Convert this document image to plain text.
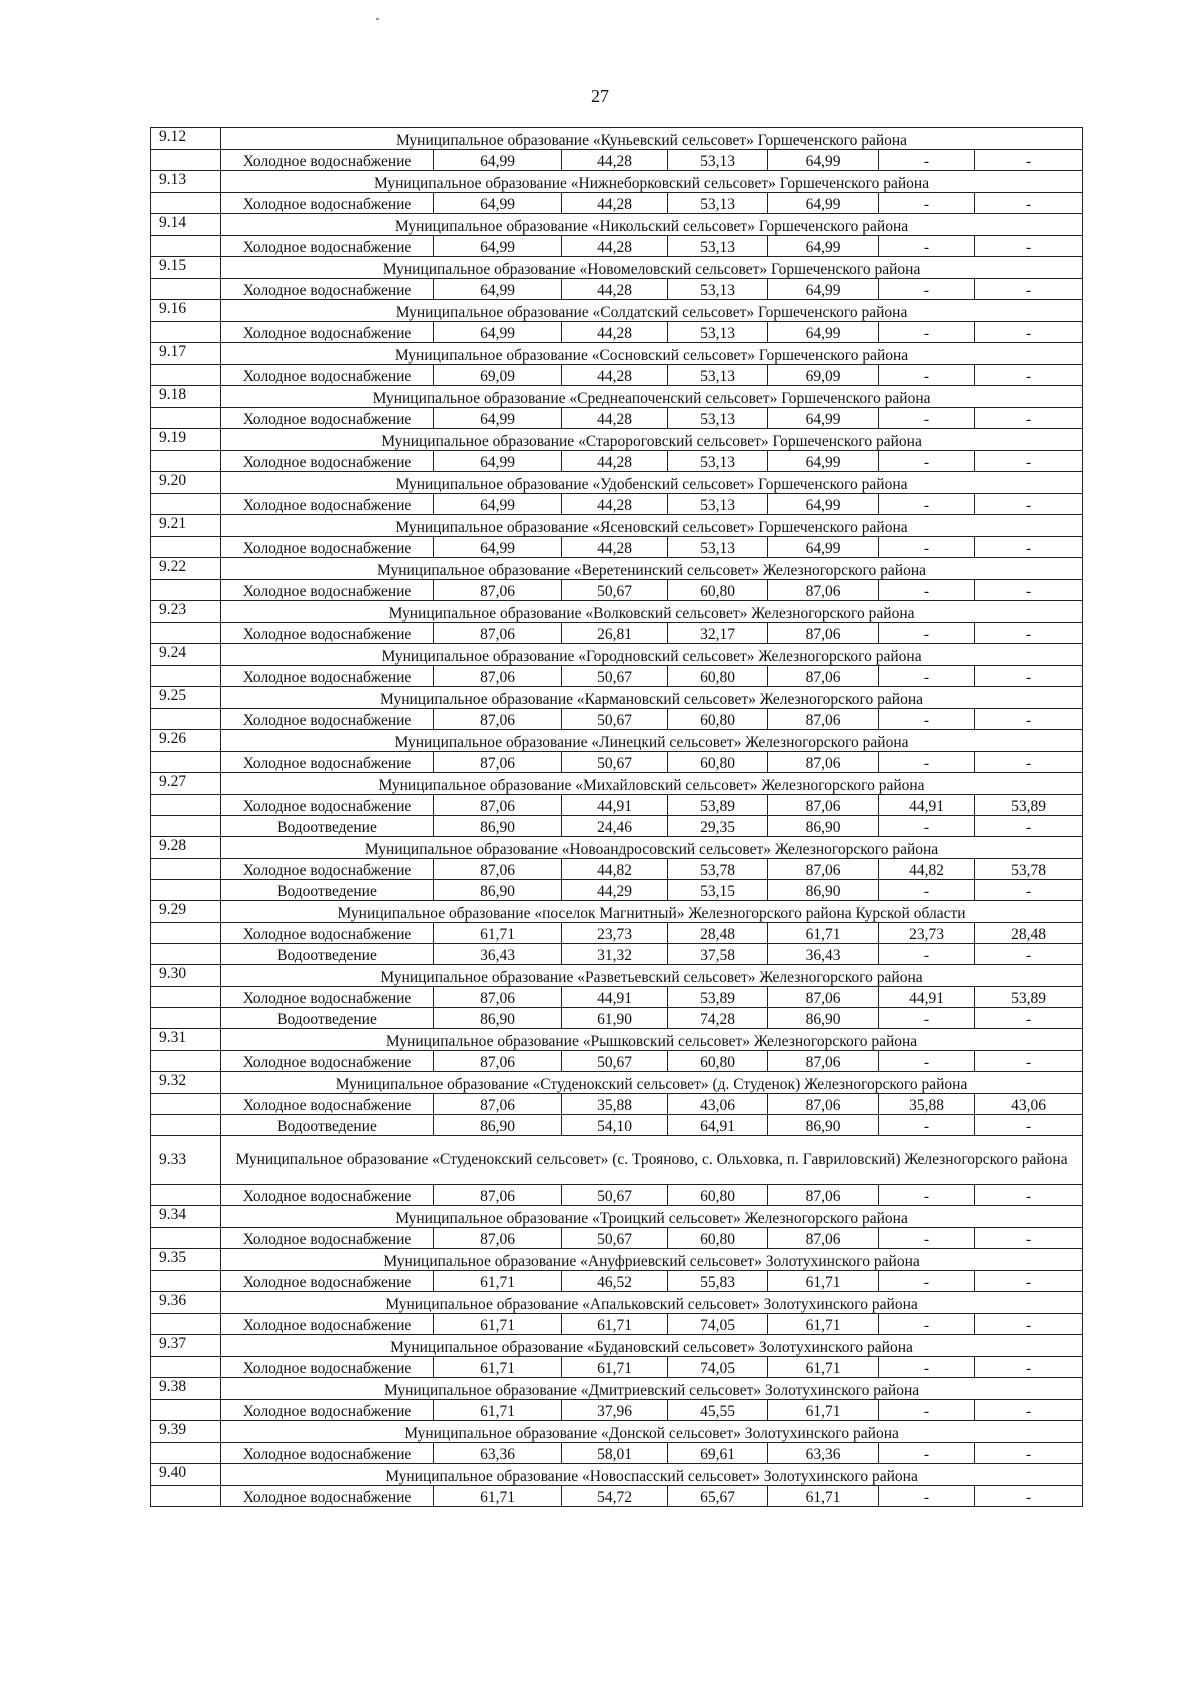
27
9.12	Муниципальное образование «Куньевский сельсовет» Горшеченского района						
	Холодное водоснабжение	64,99	44,28	53,13	64,99	-	-
9.13	Муниципальное образование «Нижнеборковский сельсовет» Горшеченского района						
	Холодное водоснабжение	64,99	44,28	53,13	64,99	-	-
9.14	Муниципальное образование «Никольский сельсовет» Горшеченского района						
	Холодное водоснабжение	64,99	44,28	53,13	64,99	-	-
9.15	Муниципальное образование «Новомеловский сельсовет» Горшеченского района						
	Холодное водоснабжение	64,99	44,28	53,13	64,99	-	-
9.16	Муниципальное образование «Солдатский сельсовет» Горшеченского района						
	Холодное водоснабжение	64,99	44,28	53,13	64,99	-	-
9.17	Муниципальное образование «Сосновский сельсовет» Горшеченского района						
	Холодное водоснабжение	69,09	44,28	53,13	69,09	-	-
9.18	Муниципальное образование «Среднеапоченский сельсовет» Горшеченского района						
	Холодное водоснабжение	64,99	44,28	53,13	64,99	-	-
9.19	Муниципальное образование «Старороговский сельсовет» Горшеченского района						
	Холодное водоснабжение	64,99	44,28	53,13	64,99	-	-
9.20	Муниципальное образование «Удобенский сельсовет» Горшеченского района						
	Холодное водоснабжение	64,99	44,28	53,13	64,99	-	-
9.21	Муниципальное образование «Ясеновский сельсовет» Горшеченского района						
	Холодное водоснабжение	64,99	44,28	53,13	64,99	-	-
9.22	Муниципальное образование «Веретенинский сельсовет» Железногорского района						
	Холодное водоснабжение	87,06	50,67	60,80	87,06	-	-
9.23	Муниципальное образование «Волковский сельсовет» Железногорского района						
	Холодное водоснабжение	87,06	26,81	32,17	87,06	-	-
9.24	Муниципальное образование «Городновский сельсовет» Железногорского района						
	Холодное водоснабжение	87,06	50,67	60,80	87,06	-	-
9.25	Муниципальное образование «Кармановский сельсовет» Железногорского района						
	Холодное водоснабжение	87,06	50,67	60,80	87,06	-	-
9.26	Муниципальное образование «Линецкий сельсовет» Железногорского района						
	Холодное водоснабжение	87,06	50,67	60,80	87,06	-	-
9.27	Муниципальное образование «Михайловский сельсовет» Железногорского района						
	Холодное водоснабжение	87,06	44,91	53,89	87,06	44,91	53,89
	Водоотведение	86,90	24,46	29,35	86,90	-	-
9.28	Муниципальное образование «Новоандросовский сельсовет» Железногорского района						
	Холодное водоснабжение	87,06	44,82	53,78	87,06	44,82	53,78
	Водоотведение	86,90	44,29	53,15	86,90	-	-
9.29	Муниципальное образование «поселок Магнитный» Железногорского района Курской области						
	Холодное водоснабжение	61,71	23,73	28,48	61,71	23,73	28,48
	Водоотведение	36,43	31,32	37,58	36,43	-	-
9.30	Муниципальное образование «Разветьевский сельсовет» Железногорского района						
	Холодное водоснабжение	87,06	44,91	53,89	87,06	44,91	53,89
	Водоотведение	86,90	61,90	74,28	86,90	-	-
9.31	Муниципальное образование «Рышковский сельсовет» Железногорского района						
	Холодное водоснабжение	87,06	50,67	60,80	87,06	-	-
9.32	Муниципальное образование «Студенокский сельсовет» (д. Студенок) Железногорского района						
	Холодное водоснабжение	87,06	35,88	43,06	87,06	35,88	43,06
	Водоотведение	86,90	54,10	64,91	86,90	-	-
9.33	Муниципальное образование «Студенокский сельсовет» (с. Трояново, с. Ольховка, п. Гавриловский) Железногорского района						
	Холодное водоснабжение	87,06	50,67	60,80	87,06	-	-
9.34	Муниципальное образование «Троицкий сельсовет» Железногорского района						
	Холодное водоснабжение	87,06	50,67	60,80	87,06	-	-
9.35	Муниципальное образование «Ануфриевский сельсовет» Золотухинского района						
	Холодное водоснабжение	61,71	46,52	55,83	61,71	-	-
9.36	Муниципальное образование «Апальковский сельсовет» Золотухинского района						
	Холодное водоснабжение	61,71	61,71	74,05	61,71	-	-
9.37	Муниципальное образование «Будановский сельсовет» Золотухинского района						
	Холодное водоснабжение	61,71	61,71	74,05	61,71	-	-
9.38	Муниципальное образование «Дмитриевский сельсовет» Золотухинского района						
	Холодное водоснабжение	61,71	37,96	45,55	61,71	-	-
9.39	Муниципальное образование «Донской сельсовет» Золотухинского района						
	Холодное водоснабжение	63,36	58,01	69,61	63,36	-	-
9.40	Муниципальное образование «Новоспасский сельсовет» Золотухинского района						
	Холодное водоснабжение	61,71	54,72	65,67	61,71	-	-
